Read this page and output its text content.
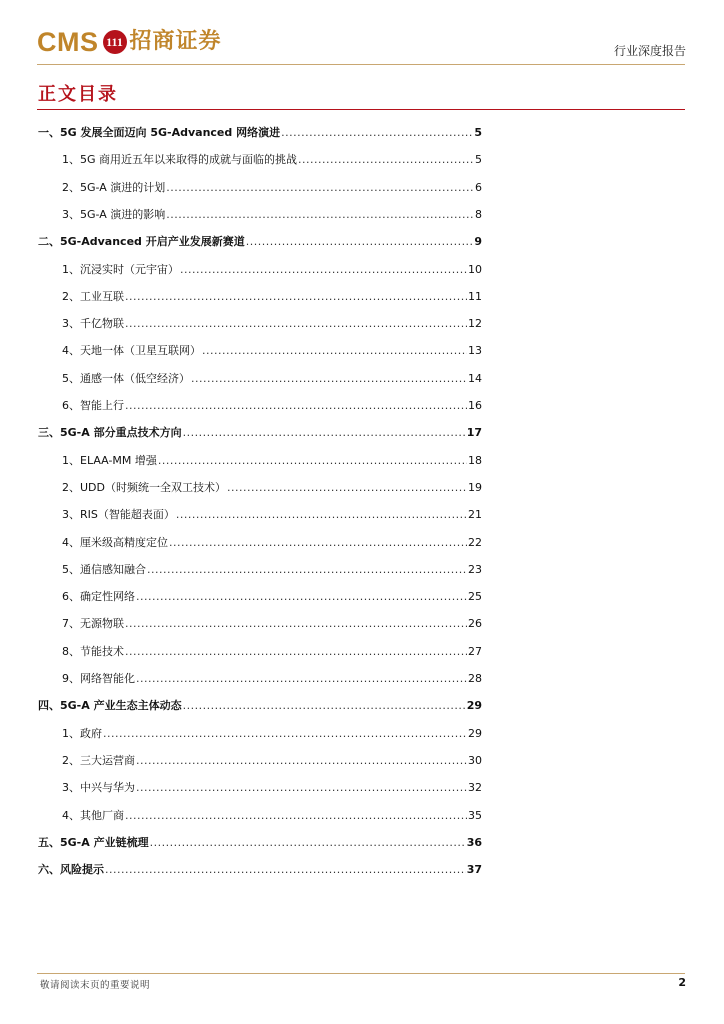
CMS 111 招商证券	行业深度报告
正文目录
一、5G 发展全面迈向 5G-Advanced 网络演进 .....	5
1、5G 商用近五年以来取得的成就与面临的挑战 .....	5
2、5G-A 演进的计划 .....	6
3、5G-A 演进的影响 .....	8
二、5G-Advanced 开启产业发展新赛道 .....	9
1、沉浸实时（元宇宙） .....	10
2、工业互联 .....	11
3、千亿物联 .....	12
4、天地一体（卫星互联网） .....	13
5、通感一体（低空经济） .....	14
6、智能上行 .....	16
三、5G-A 部分重点技术方向 .....	17
1、ELAA-MM 增强 .....	18
2、UDD（时频统一全双工技术） .....	19
3、RIS（智能超表面） .....	21
4、厘米级高精度定位 .....	22
5、通信感知融合 .....	23
6、确定性网络 .....	25
7、无源物联 .....	26
8、节能技术 .....	27
9、网络智能化 .....	28
四、5G-A 产业生态主体动态 .....	29
1、政府 .....	29
2、三大运营商 .....	30
3、中兴与华为 .....	32
4、其他厂商 .....	35
五、5G-A 产业链梳理 .....	36
六、风险提示 .....	37
敬请阅读末页的重要说明	2
